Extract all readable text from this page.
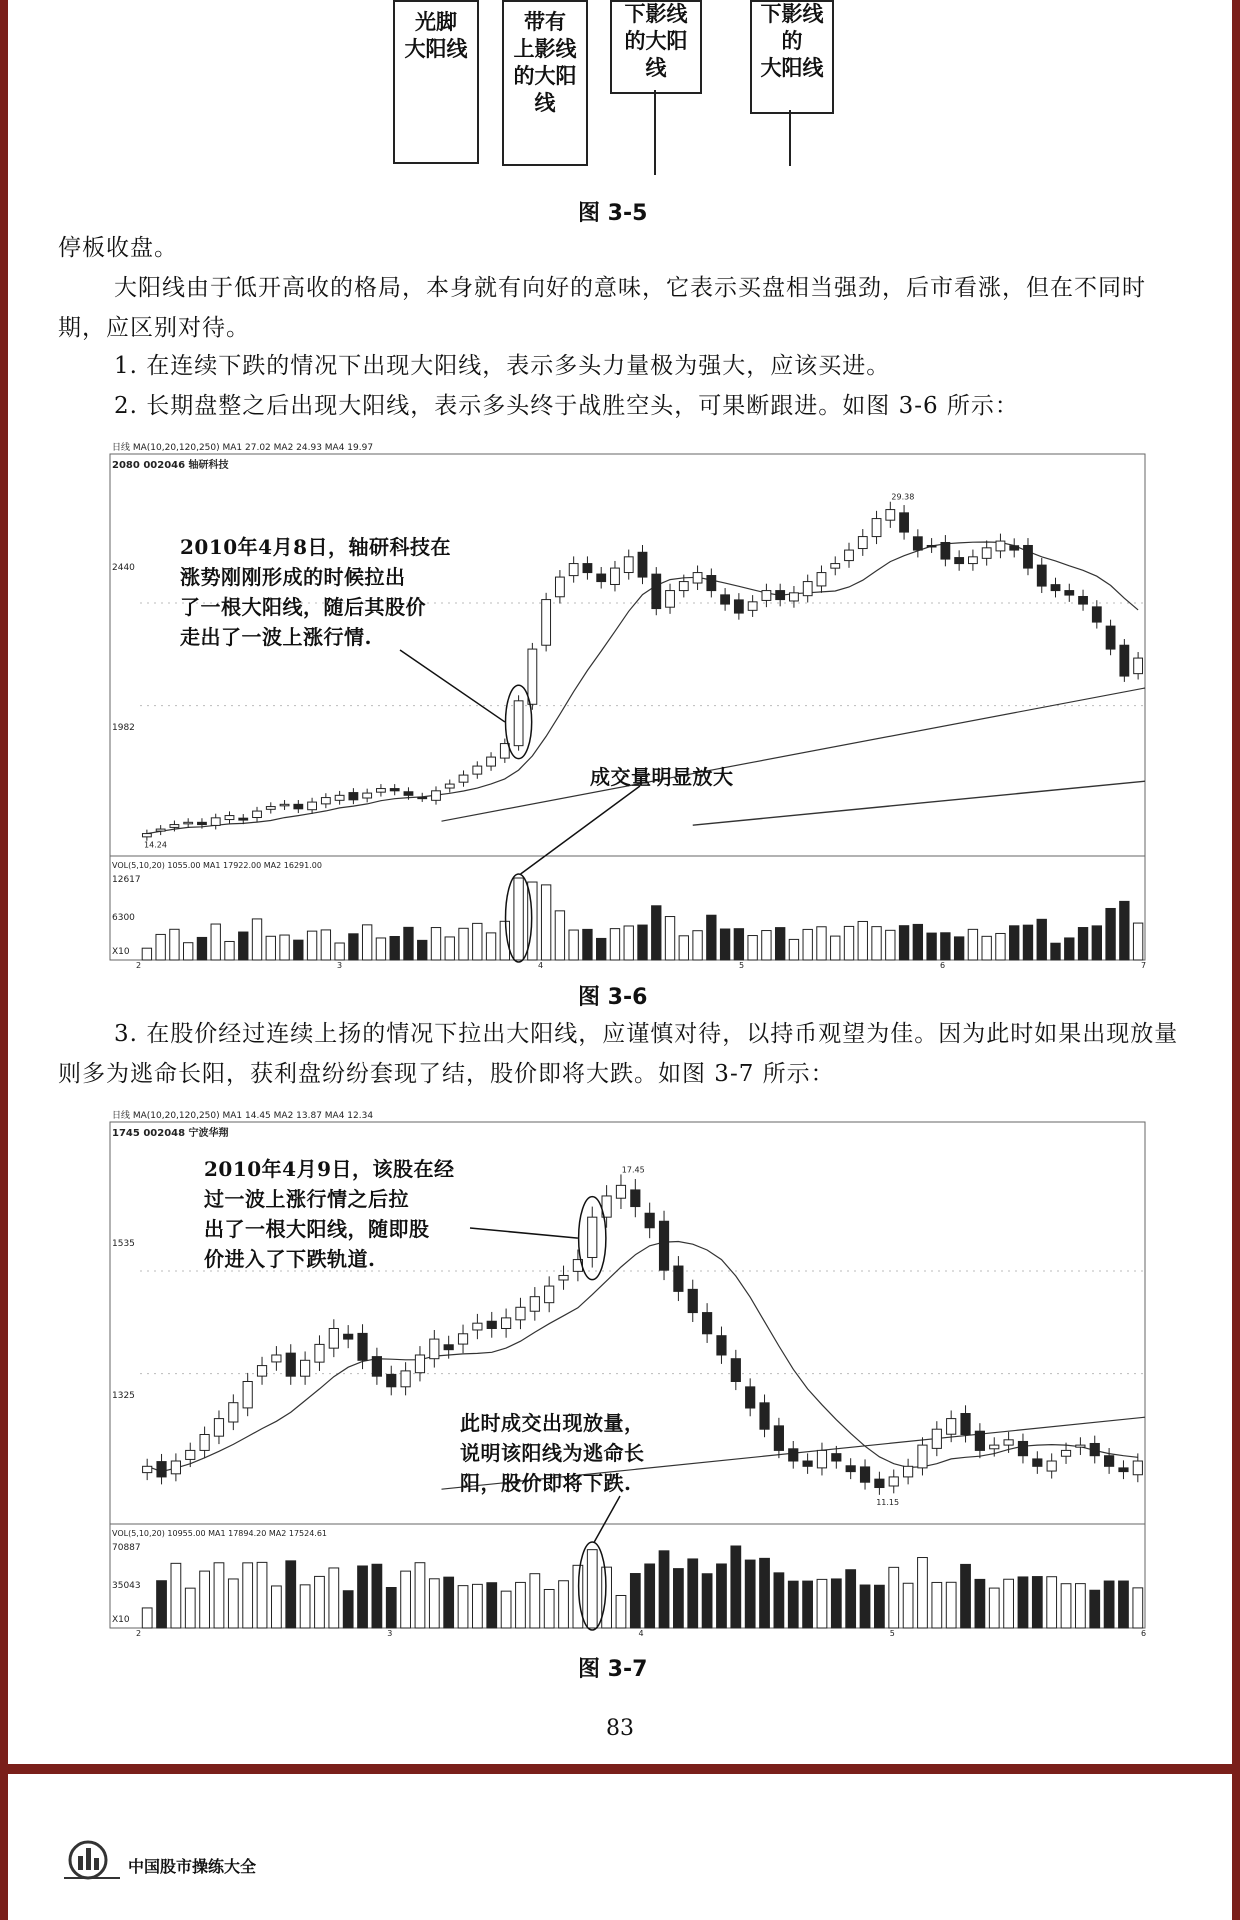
光脚
大阳线
带有
上影线
的大阳
线
下影线
的大阳
线
下影线
的
大阳线
图 3-5
停板收盘。
大阳线由于低开高收的格局，本身就有向好的意味，它表示买盘相当强劲，后市看涨，但在不同时期，应区别对待。
1. 在连续下跌的情况下出现大阳线，表示多头力量极为强大，应该买进。
2. 长期盘整之后出现大阳线，表示多头终于战胜空头，可果断跟进。如图 3-6 所示：
日线 MA(10,20,120,250) MA1 27.02 MA2 24.93 MA4 19.97
2080 002046 轴研科技
2440
1982
VOL(5,10,20) 1055.00 MA1 17922.00 MA2 16291.00
12617
6300
X10
2	3	4	5	6	7
29.38
14.24
2010年4月8日，轴研科技在
涨势刚刚形成的时候拉出
了一根大阳线，随后其股价
走出了一波上涨行情.
成交量明显放大
图 3-6
3. 在股价经过连续上扬的情况下拉出大阳线，应谨慎对待，以持币观望为佳。因为此时如果出现放量则多为逃命长阳，获利盘纷纷套现了结，股价即将大跌。如图 3-7 所示：
日线 MA(10,20,120,250) MA1 14.45 MA2 13.87 MA4 12.34
1745 002048 宁波华翔
1535
1325
VOL(5,10,20) 10955.00 MA1 17894.20 MA2 17524.61
70887
35043
X10
2	3	4	5	6
17.45
11.15
2010年4月9日，该股在经
过一波上涨行情之后拉
出了一根大阳线，随即股
价进入了下跌轨道.
此时成交出现放量，
说明该阳线为逃命长
阳，股价即将下跌.
图 3-7
83
中国股市操练大全
